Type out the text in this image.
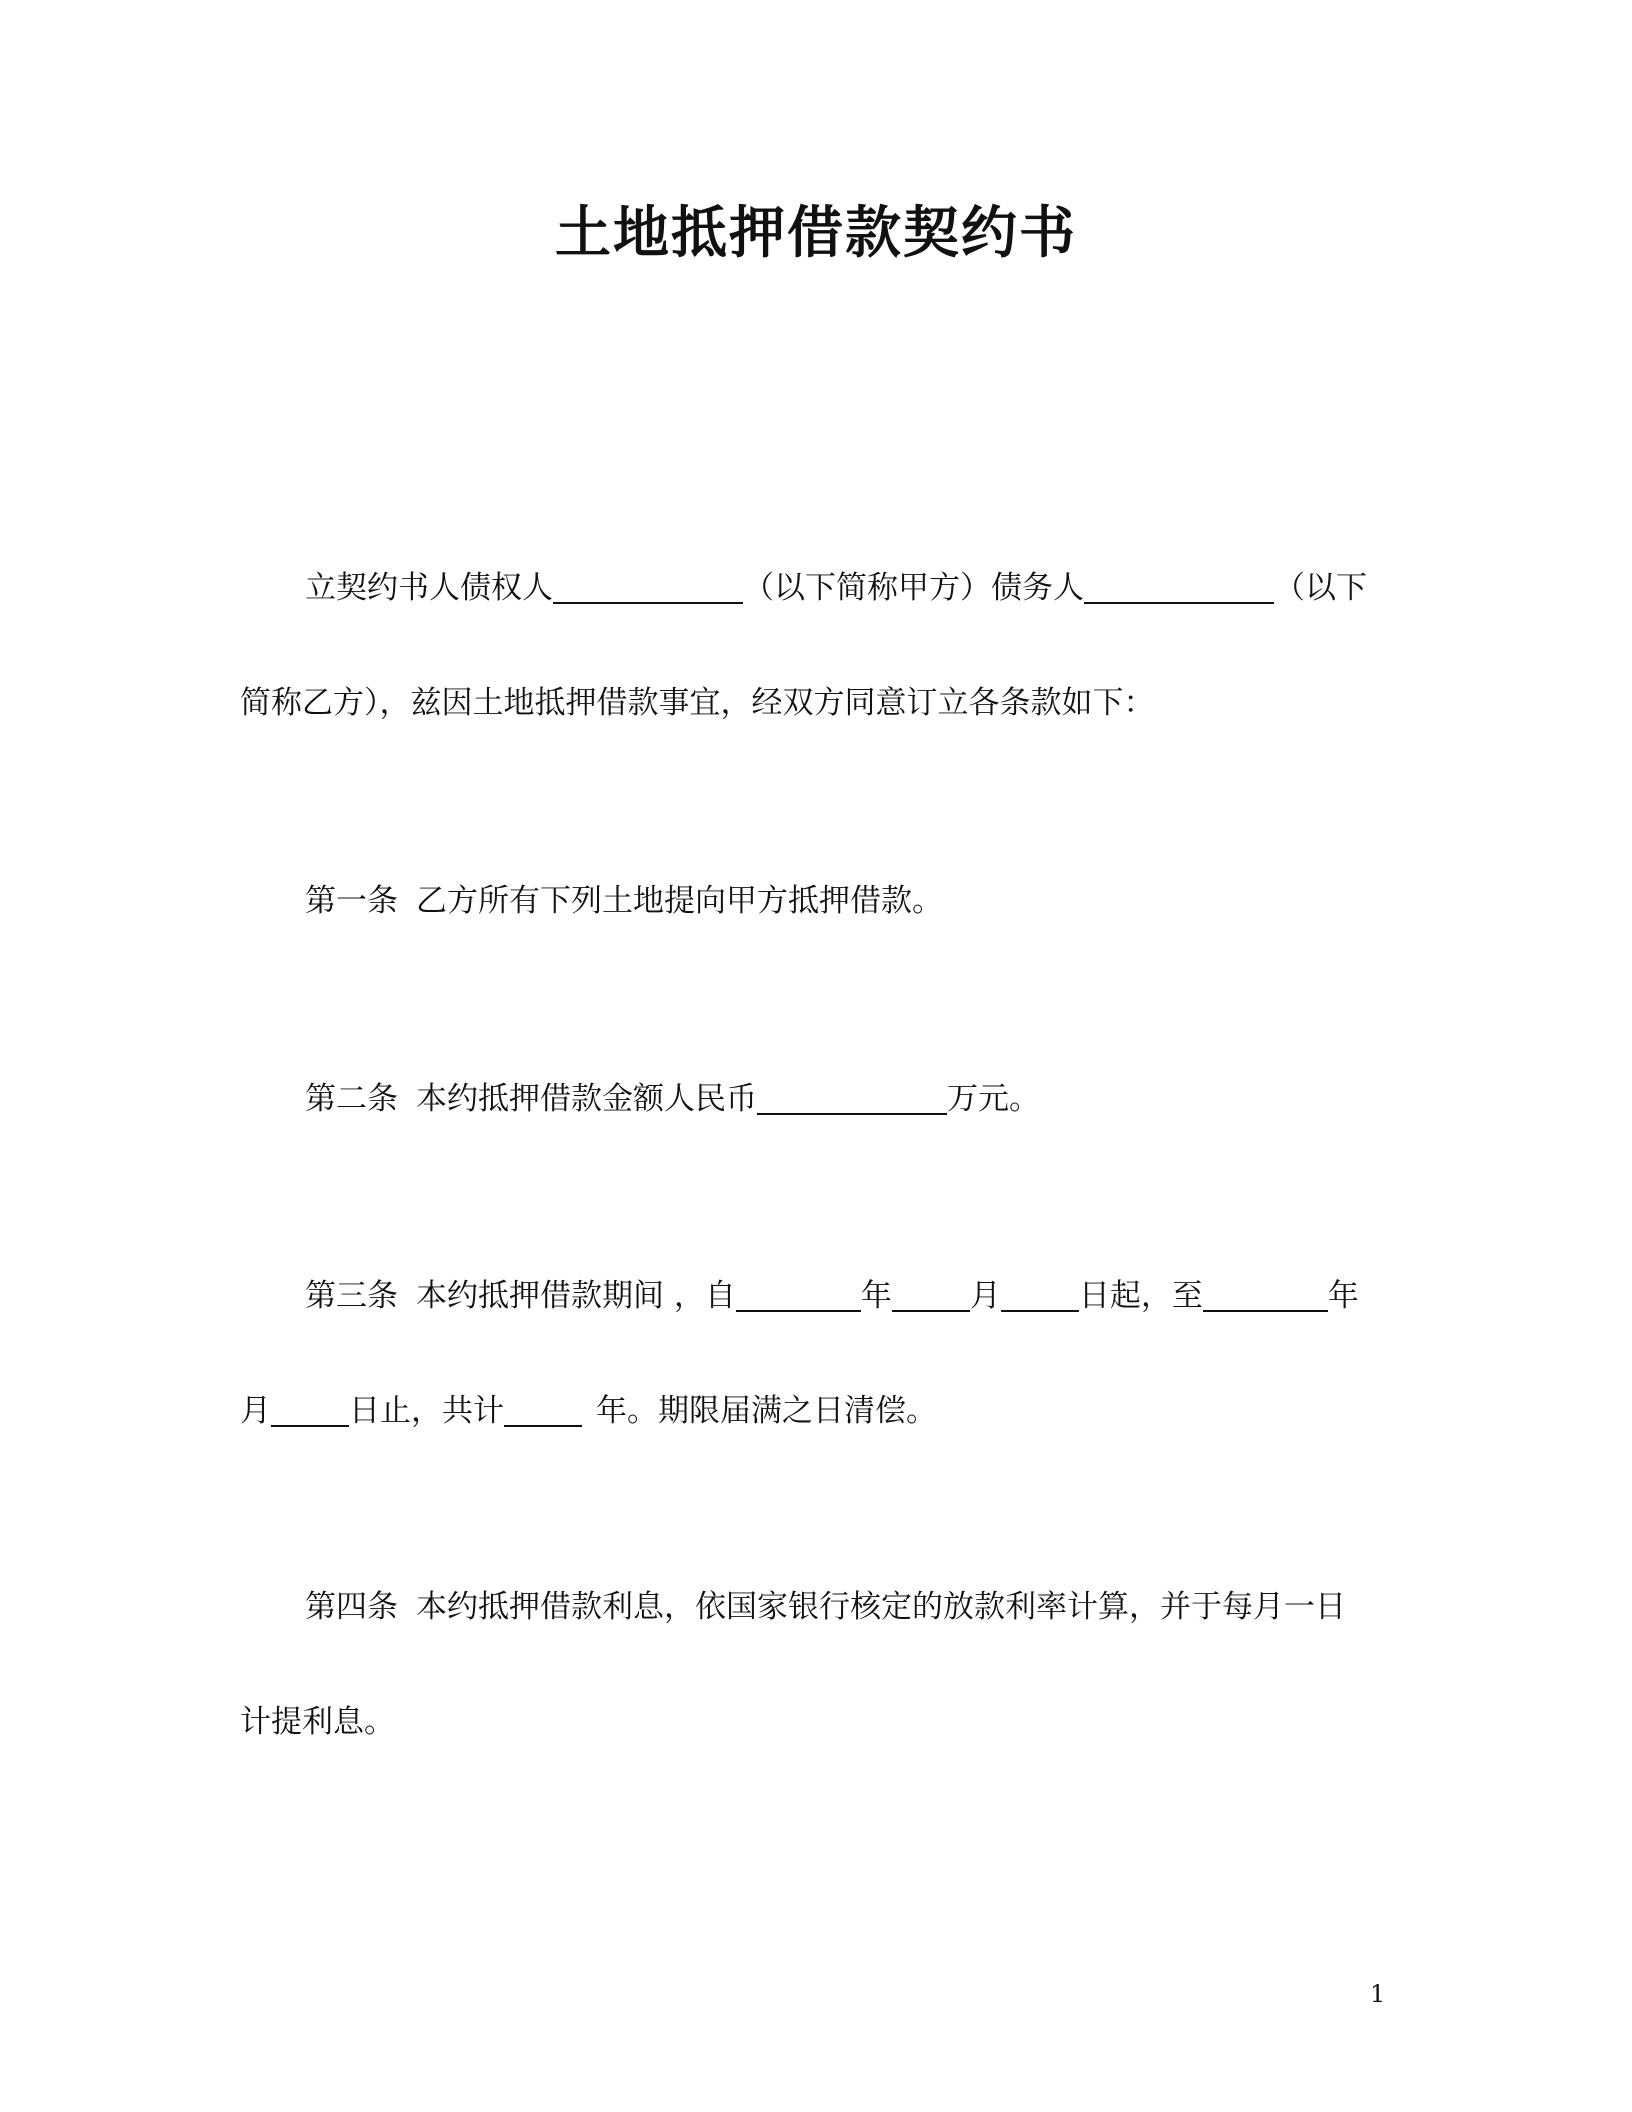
土地抵押借款契约书
立契约书人债权人	（以下简称甲方）债务人	（以下
简称乙方），兹因土地抵押借款事宜，经双方同意订立各条款如下：
第一条 乙方所有下列土地提向甲方抵押借款。
第二条 本约抵押借款金额人民币	万元。
第三条 本约抵押借款期间 ，自	年	月	日起，至	年
月	日止，共计	年。期限届满之日清偿。
第四条 本约抵押借款利息，依国家银行核定的放款利率计算，并于每月一日
计提利息。
1
